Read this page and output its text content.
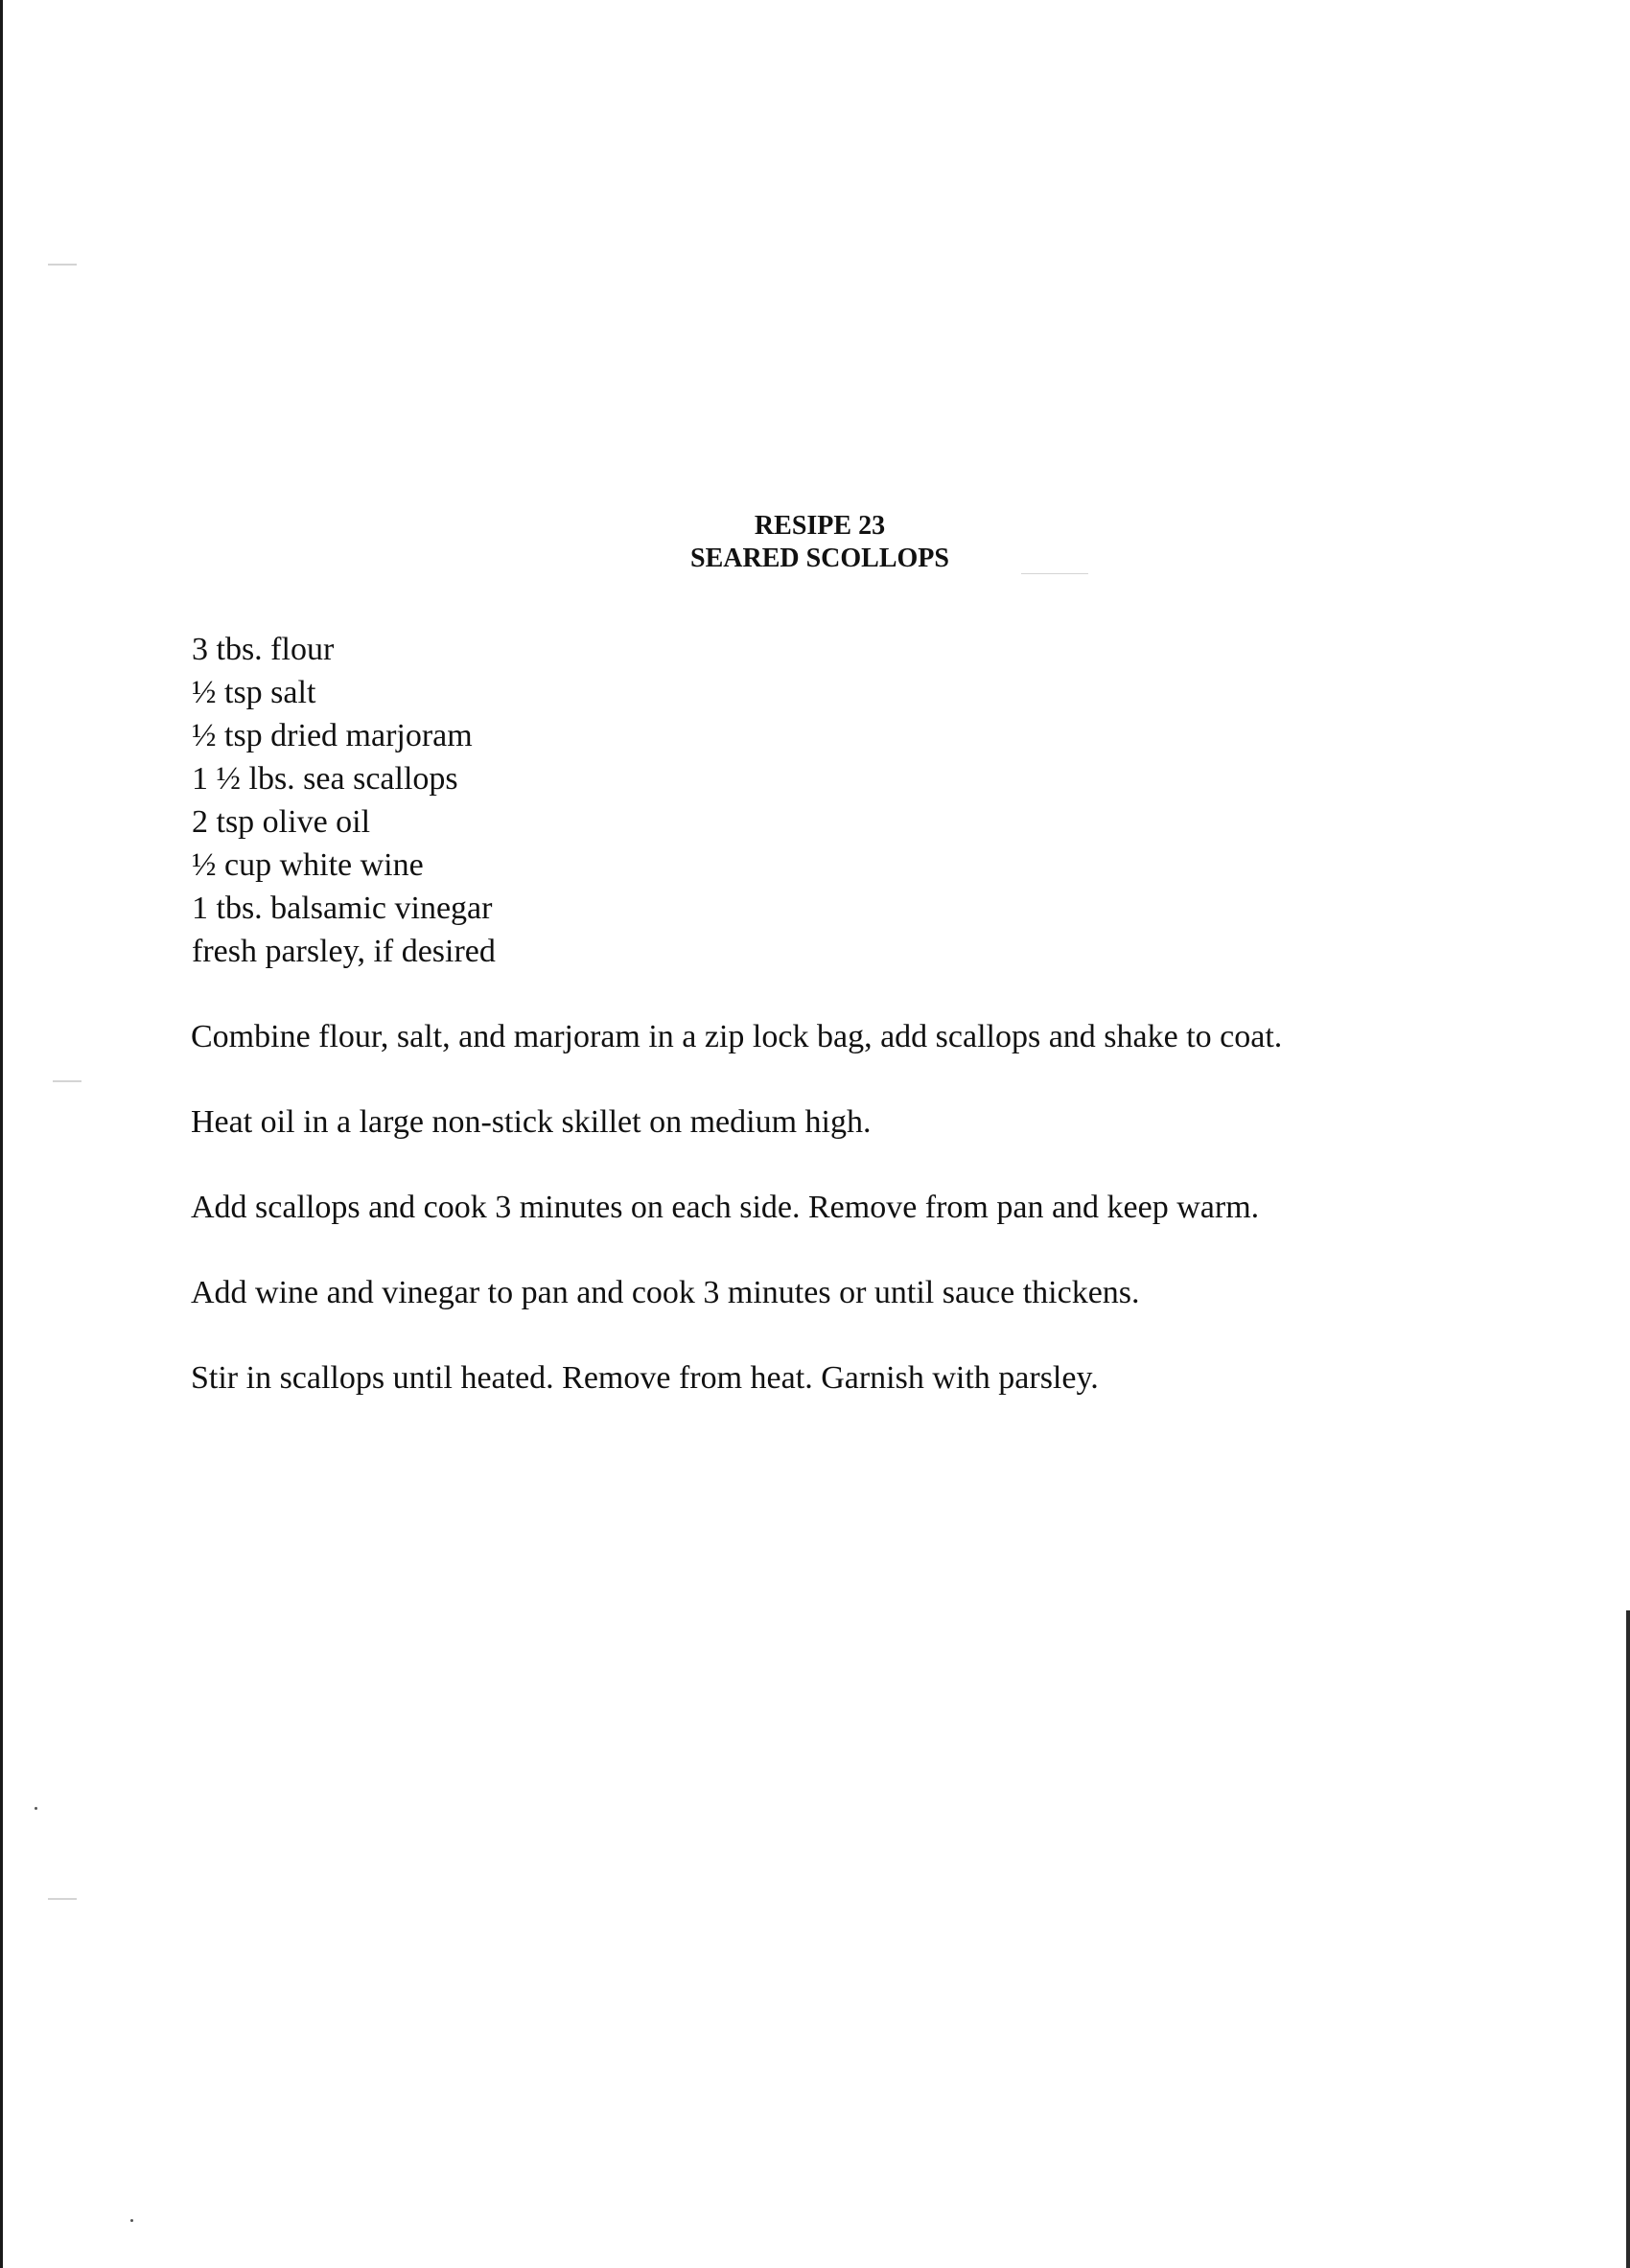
RESIPE 23
SEARED SCOLLOPS
3 tbs. flour
½ tsp salt
½ tsp dried marjoram
1 ½ lbs. sea scallops
2 tsp olive oil
½ cup white wine
1 tbs. balsamic vinegar
fresh parsley, if desired

Combine flour, salt, and marjoram in a zip lock bag, add scallops and shake to coat.

Heat oil in a large non-stick skillet on medium high.

Add scallops and cook 3 minutes on each side. Remove from pan and keep warm.

Add wine and vinegar to pan and cook 3 minutes or until sauce thickens.

Stir in scallops until heated. Remove from heat. Garnish with parsley.
